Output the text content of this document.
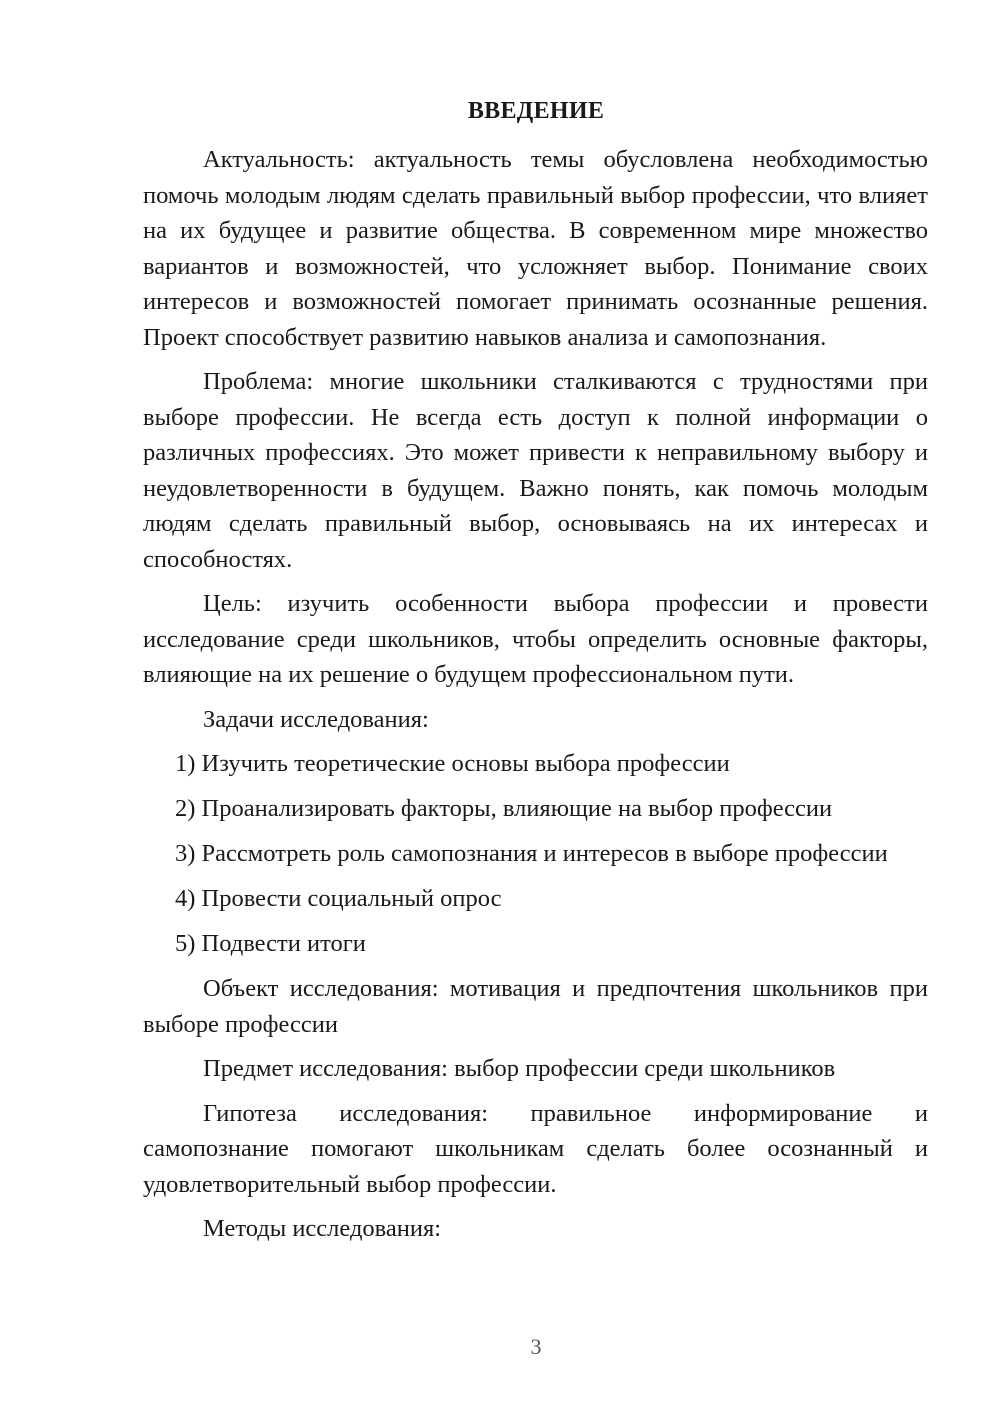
ВВЕДЕНИЕ

Актуальность: актуальность темы обусловлена необходимостью помочь молодым людям сделать правильный выбор профессии, что влияет на их будущее и развитие общества. В современном мире множество вариантов и возможностей, что усложняет выбор. Понимание своих интересов и возможностей помогает принимать осознанные решения. Проект способствует развитию навыков анализа и самопознания.

Проблема: многие школьники сталкиваются с трудностями при выборе профессии. Не всегда есть доступ к полной информации о различных профессиях. Это может привести к неправильному выбору и неудовлетворенности в будущем. Важно понять, как помочь молодым людям сделать правильный выбор, основываясь на их интересах и способностях.

Цель: изучить особенности выбора профессии и провести исследование среди школьников, чтобы определить основные факторы, влияющие на их решение о будущем профессиональном пути.

Задачи исследования:

1) Изучить теоретические основы выбора профессии
2) Проанализировать факторы, влияющие на выбор профессии
3) Рассмотреть роль самопознания и интересов в выборе профессии
4) Провести социальный опрос
5) Подвести итоги

Объект исследования: мотивация и предпочтения школьников при выборе профессии

Предмет исследования: выбор профессии среди школьников

Гипотеза исследования: правильное информирование и самопознание помогают школьникам сделать более осознанный и удовлетворительный выбор профессии.

Методы исследования:

3
